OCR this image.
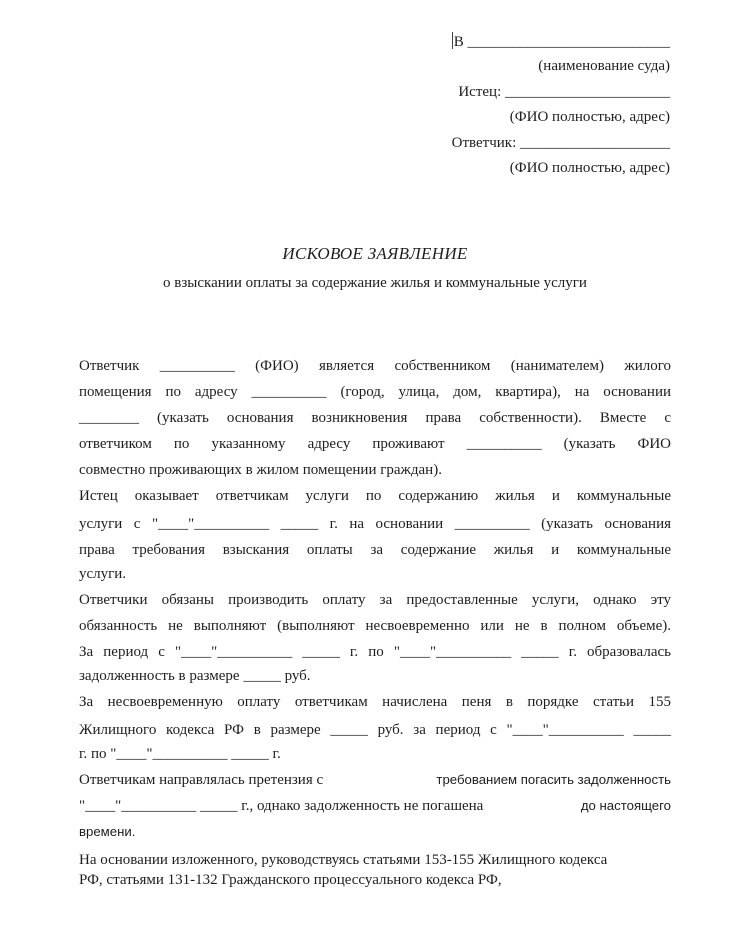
В ___________________________
(наименование суда)
Истец: ______________________
(ФИО полностью, адрес)
Ответчик: ____________________
(ФИО полностью, адрес)
ИСКОВОЕ ЗАЯВЛЕНИЕ
о взыскании оплаты за содержание жилья и коммунальные услуги
Ответчик __________ (ФИО) является собственником (нанимателем) жилого
помещения по адресу __________ (город, улица, дом, квартира), на основании
________ (указать основания возникновения права собственности). Вместе с
ответчиком по указанному адресу проживают __________ (указать ФИО
совместно проживающих в жилом помещении граждан).
Истец оказывает ответчикам услуги по содержанию жилья и коммунальные
услуги с "____"__________ _____ г. на основании __________ (указать основания
права требования взыскания оплаты за содержание жилья и коммунальные
услуги.
Ответчики обязаны производить оплату за предоставленные услуги, однако эту
обязанность не выполняют (выполняют несвоевременно или не в полном объеме).
За период с "____"__________ _____ г. по "____"__________ _____ г. образовалась
задолженность в размере _____ руб.
За несвоевременную оплату ответчикам начислена пеня в порядке статьи 155
Жилищного кодекса РФ в размере _____ руб. за период с "____"__________ _____
г. по "____"__________ _____ г.
Ответчикам направлялась претензия с	требованием погасить задолженность
"____"__________ _____ г., однако задолженность не погашена	до настоящего
времени.
На основании изложенного, руководствуясь статьями 153-155 Жилищного кодекса
РФ, статьями 131-132 Гражданского процессуального кодекса РФ,
